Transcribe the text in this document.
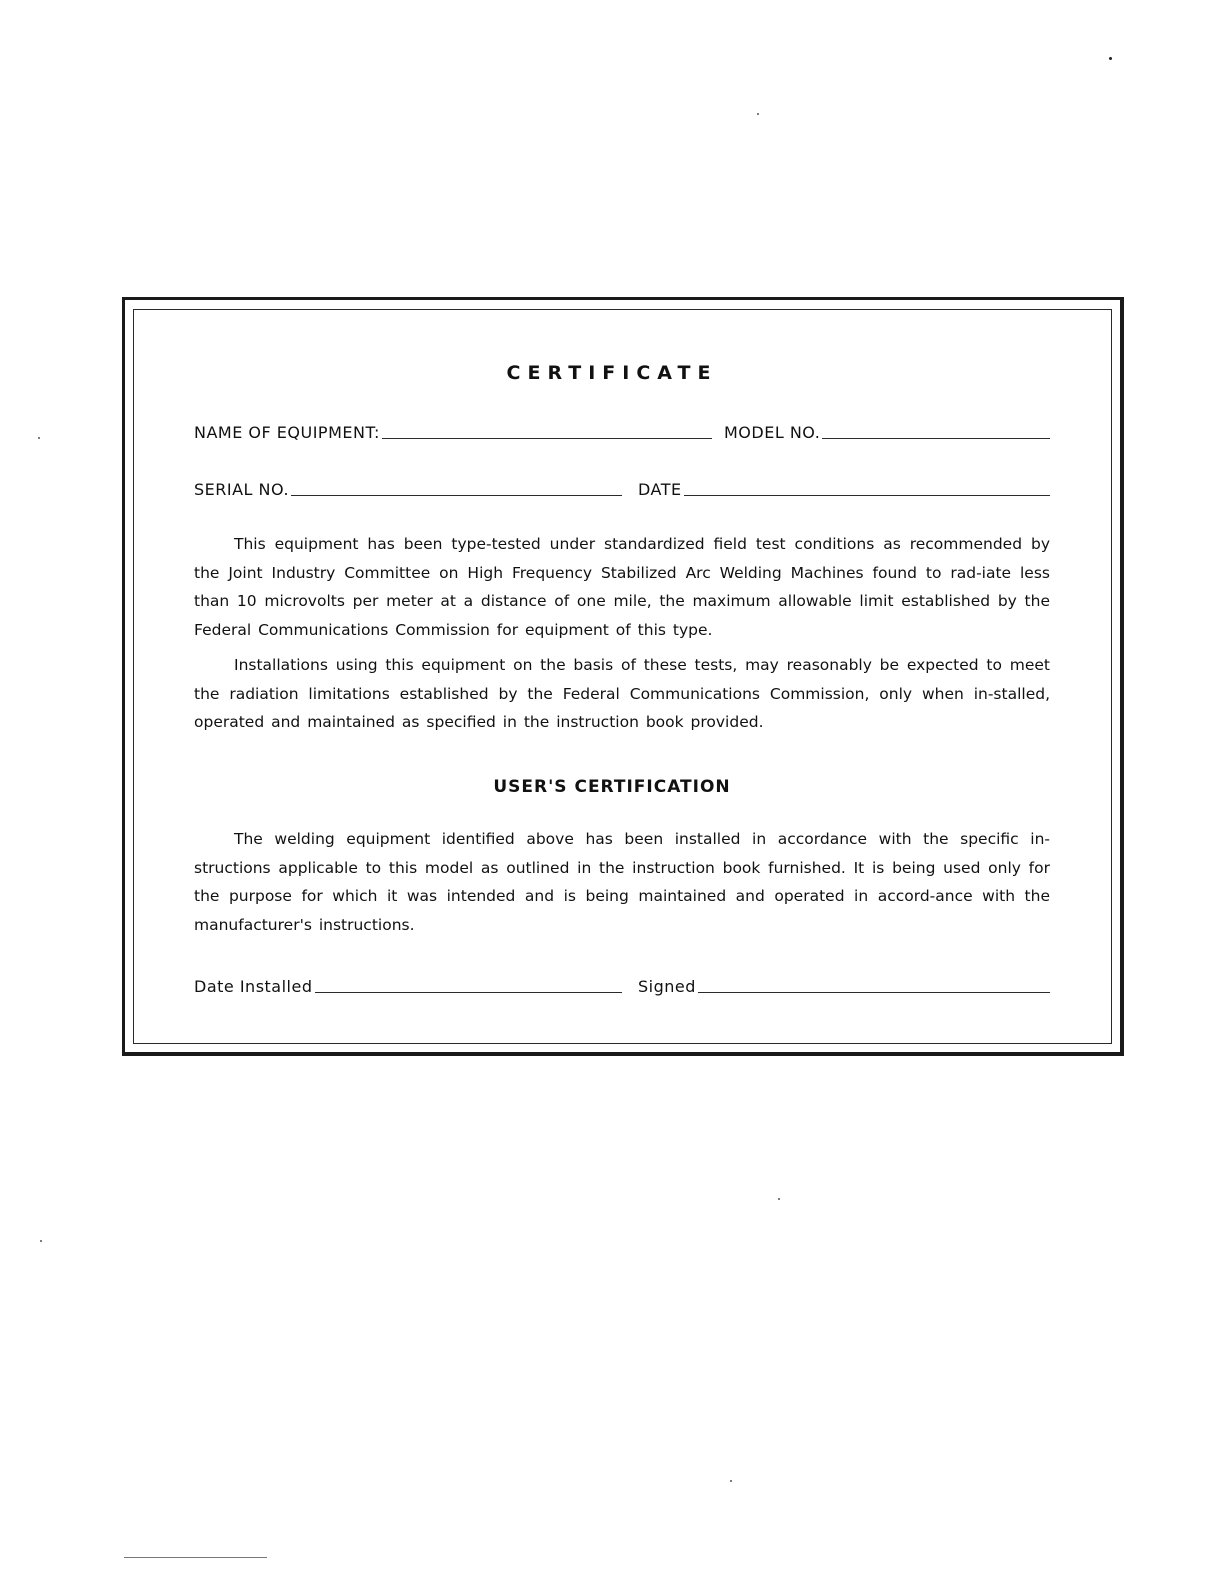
CERTIFICATE
NAME OF EQUIPMENT:	MODEL NO.
SERIAL NO.	DATE

This equipment has been type-tested under standardized field test conditions as recommended by the Joint Industry Committee on High Frequency Stabilized Arc Welding Machines found to rad-iate less than 10 microvolts per meter at a distance of one mile, the maximum allowable limit established by the Federal Communications Commission for equipment of this type.

Installations using this equipment on the basis of these tests, may reasonably be expected to meet the radiation limitations established by the Federal Communications Commission, only when in-stalled, operated and maintained as specified in the instruction book provided.

USER'S CERTIFICATION

The welding equipment identified above has been installed in accordance with the specific in-structions applicable to this model as outlined in the instruction book furnished. It is being used only for the purpose for which it was intended and is being maintained and operated in accord-ance with the manufacturer's instructions.

Date Installed	Signed
